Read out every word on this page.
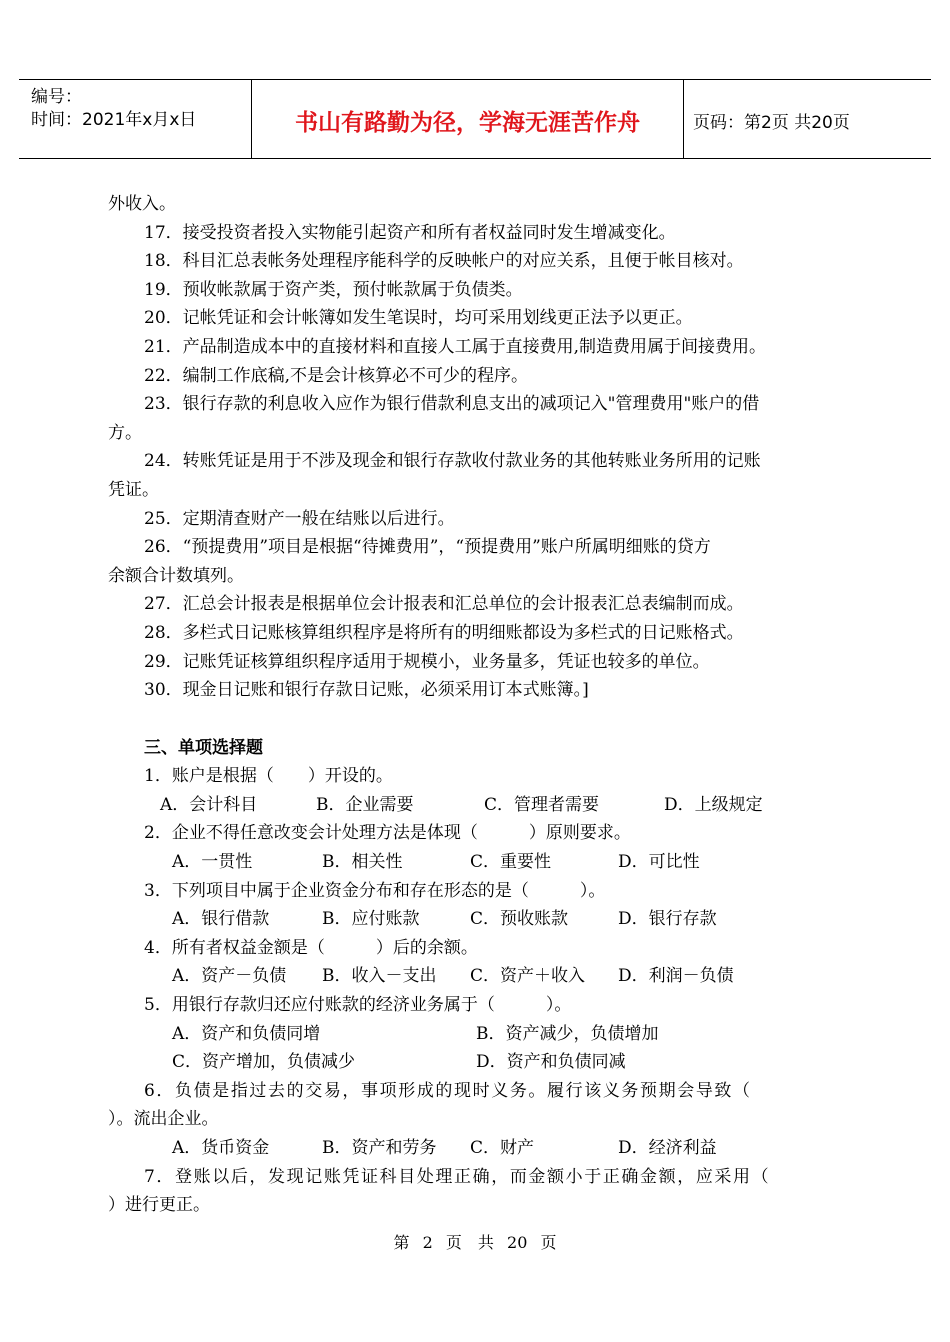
编号：
时间：2021年x月x日	书山有路勤为径，学海无涯苦作舟	页码：第2页 共20页
外收入。
17．接受投资者投入实物能引起资产和所有者权益同时发生增减变化。
18．科目汇总表帐务处理程序能科学的反映帐户的对应关系，且便于帐目核对。
19．预收帐款属于资产类，预付帐款属于负债类。
20．记帐凭证和会计帐簿如发生笔误时，均可采用划线更正法予以更正。
21．产品制造成本中的直接材料和直接人工属于直接费用,制造费用属于间接费用。
22．编制工作底稿,不是会计核算必不可少的程序。
23．银行存款的利息收入应作为银行借款利息支出的减项记入"管理费用"账户的借
方。
24．转账凭证是用于不涉及现金和银行存款收付款业务的其他转账业务所用的记账
凭证。
25．定期清查财产一般在结账以后进行。
26．“预提费用”项目是根据“待摊费用”，“预提费用”账户所属明细账的贷方
余额合计数填列。
27．汇总会计报表是根据单位会计报表和汇总单位的会计报表汇总表编制而成。
28．多栏式日记账核算组织程序是将所有的明细账都设为多栏式的日记账格式。
29．记账凭证核算组织程序适用于规模小，业务量多，凭证也较多的单位。
30．现金日记账和银行存款日记账，必须采用订本式账簿。]
三、单项选择题
1．账户是根据（　　）开设的。
A．会计科目	B．企业需要	C．管理者需要	D．上级规定
2．企业不得任意改变会计处理方法是体现（　　　）原则要求。
A．一贯性	B．相关性	C．重要性	D．可比性
3．下列项目中属于企业资金分布和存在形态的是（　　　）。
A．银行借款	B．应付账款	C．预收账款	D．银行存款
4．所有者权益金额是（　　　）后的余额。
A．资产－负债 B．收入－支出 C．资产＋收入 D．利润－负债
5．用银行存款归还应付账款的经济业务属于（　　　）。
A．资产和负债同增	B．资产减少，负债增加
C．资产增加，负债减少	D．资产和负债同减
6．负债是指过去的交易，事项形成的现时义务。履行该义务预期会导致（
）。流出企业。
A．货币资金	B．资产和劳务 C．财产	D．经济利益
7．登账以后，发现记账凭证科目处理正确，而金额小于正确金额，应采用（
）进行更正。
第 2 页　共 20 页
